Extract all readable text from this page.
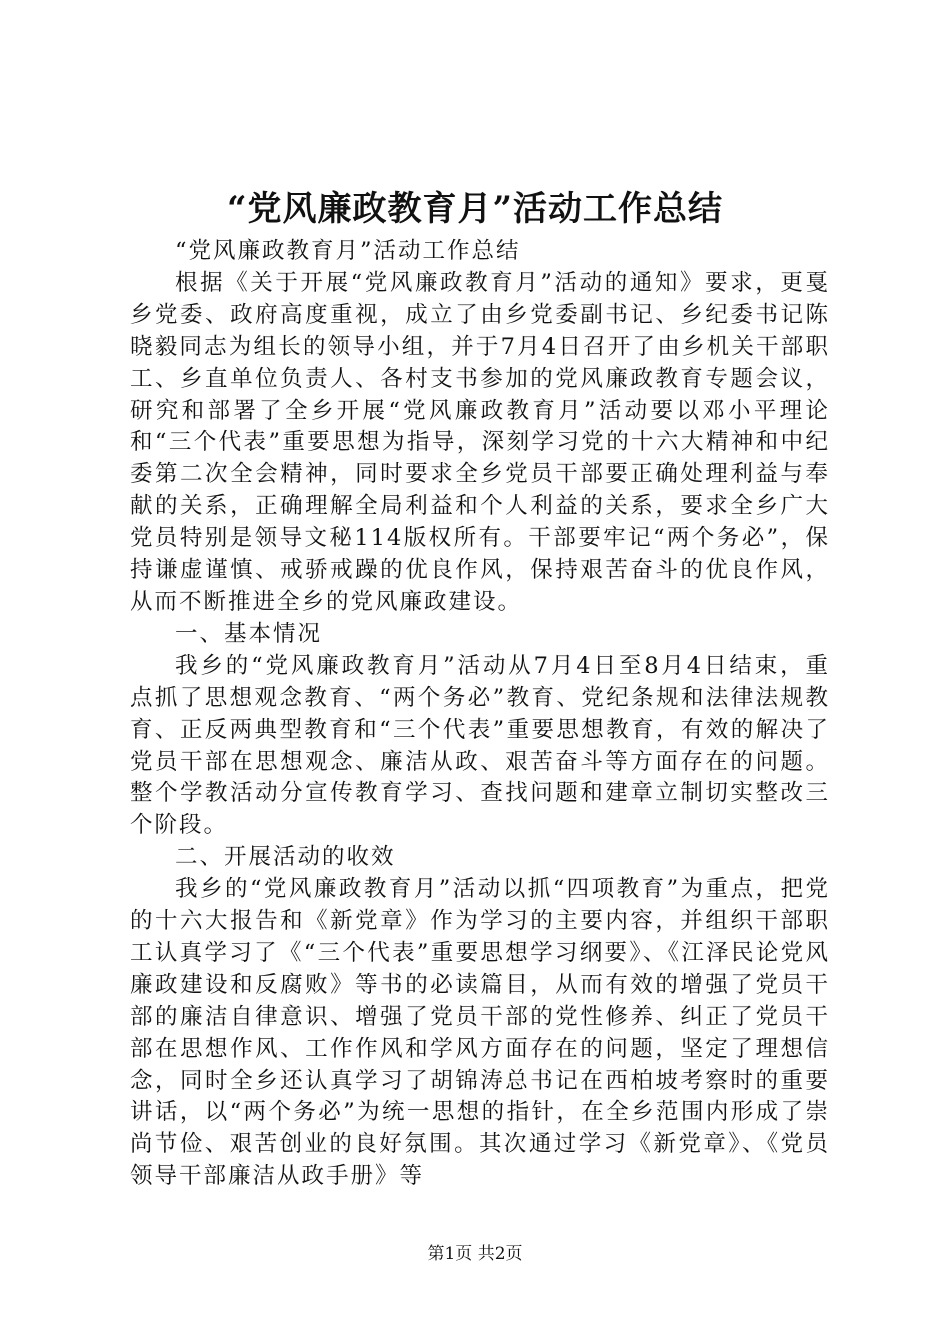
“党风廉政教育月”活动工作总结

“党风廉政教育月”活动工作总结

根据《关于开展“党风廉政教育月”活动的通知》要求，更戛乡党委、政府高度重视，成立了由乡党委副书记、乡纪委书记陈晓毅同志为组长的领导小组，并于7月4日召开了由乡机关干部职工、乡直单位负责人、各村支书参加的党风廉政教育专题会议，研究和部署了全乡开展“党风廉政教育月”活动要以邓小平理论和“三个代表”重要思想为指导，深刻学习党的十六大精神和中纪委第二次全会精神，同时要求全乡党员干部要正确处理利益与奉献的关系，正确理解全局利益和个人利益的关系，要求全乡广大党员特别是领导文秘114版权所有。干部要牢记“两个务必”，保持谦虚谨慎、戒骄戒躁的优良作风，保持艰苦奋斗的优良作风，从而不断推进全乡的党风廉政建设。

一、基本情况

我乡的“党风廉政教育月”活动从7月4日至8月4日结束，重点抓了思想观念教育、“两个务必”教育、党纪条规和法律法规教育、正反两典型教育和“三个代表”重要思想教育，有效的解决了党员干部在思想观念、廉洁从政、艰苦奋斗等方面存在的问题。整个学教活动分宣传教育学习、查找问题和建章立制切实整改三个阶段。

二、开展活动的收效

我乡的“党风廉政教育月”活动以抓“四项教育”为重点，把党的十六大报告和《新党章》作为学习的主要内容，并组织干部职工认真学习了《“三个代表”重要思想学习纲要》、《江泽民论党风廉政建设和反腐败》等书的必读篇目，从而有效的增强了党员干部的廉洁自律意识、增强了党员干部的党性修养、纠正了党员干部在思想作风、工作作风和学风方面存在的问题，坚定了理想信念，同时全乡还认真学习了胡锦涛总书记在西柏坡考察时的重要讲话，以“两个务必”为统一思想的指针，在全乡范围内形成了崇尚节俭、艰苦创业的良好氛围。其次通过学习《新党章》、《党员领导干部廉洁从政手册》等

第1页 共2页
